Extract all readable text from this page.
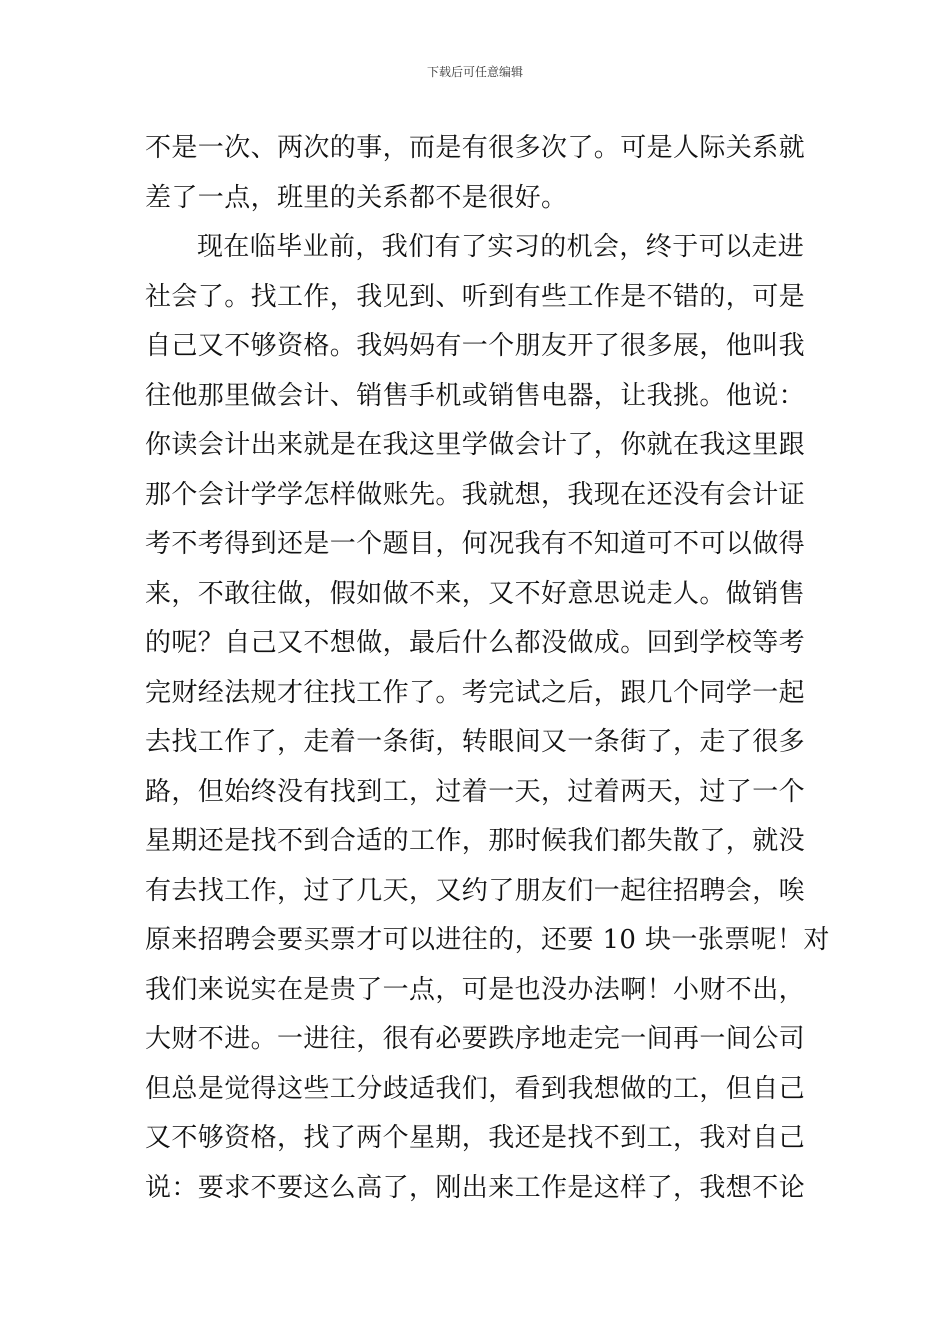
下载后可任意编辑
不是一次、两次的事，而是有很多次了。可是人际关系就
差了一点，班里的关系都不是很好。
现在临毕业前，我们有了实习的机会，终于可以走进
社会了。找工作，我见到、听到有些工作是不错的，可是
自己又不够资格。我妈妈有一个朋友开了很多展，他叫我
往他那里做会计、销售手机或销售电器，让我挑。他说：
你读会计出来就是在我这里学做会计了，你就在我这里跟
那个会计学学怎样做账先。我就想，我现在还没有会计证
考不考得到还是一个题目，何况我有不知道可不可以做得
来，不敢往做，假如做不来，又不好意思说走人。做销售
的呢？自己又不想做，最后什么都没做成。回到学校等考
完财经法规才往找工作了。考完试之后，跟几个同学一起
去找工作了，走着一条街，转眼间又一条街了，走了很多
路，但始终没有找到工，过着一天，过着两天，过了一个
星期还是找不到合适的工作，那时候我们都失散了，就没
有去找工作，过了几天，又约了朋友们一起往招聘会，唉
原来招聘会要买票才可以进往的，还要 10 块一张票呢！对
我们来说实在是贵了一点，可是也没办法啊！小财不出，
大财不进。一进往，很有必要跌序地走完一间再一间公司
但总是觉得这些工分歧适我们，看到我想做的工，但自己
又不够资格，找了两个星期，我还是找不到工，我对自己
说：要求不要这么高了，刚出来工作是这样了，我想不论
